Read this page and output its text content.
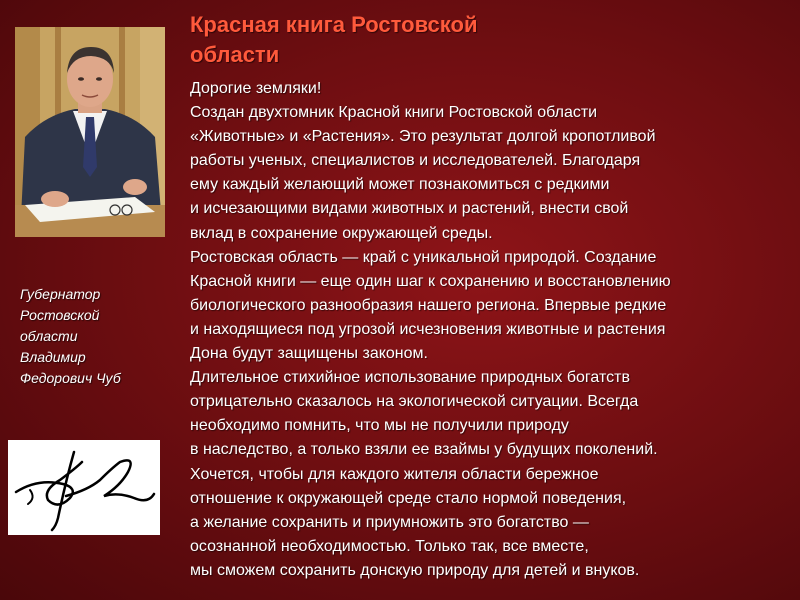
Красная книга Ростовской
области
Губернатор
Ростовской
области
Владимир
Федорович Чуб
Дорогие земляки!
Создан двухтомник Красной книги Ростовской области
«Животные» и «Растения». Это результат долгой кропотливой
работы ученых, специалистов и исследователей. Благодаря
ему каждый желающий может познакомиться с редкими
и исчезающими видами животных и растений, внести свой
вклад в сохранение окружающей среды.
Ростовская область — край с уникальной природой. Создание
Красной книги — еще один шаг к сохранению и восстановлению
биологического разнообразия нашего региона. Впервые редкие
и находящиеся под угрозой исчезновения животные и растения
Дона будут защищены законом.
Длительное стихийное использование природных богатств
отрицательно сказалось на экологической ситуации. Всегда
необходимо помнить, что мы не получили природу
в наследство, а только взяли ее взаймы у будущих поколений.
Хочется, чтобы для каждого жителя области бережное
отношение к окружающей среде стало нормой поведения,
а желание сохранить и приумножить это богатство —
осознанной необходимостью. Только так, все вместе,
мы сможем сохранить донскую природу для детей и внуков.
